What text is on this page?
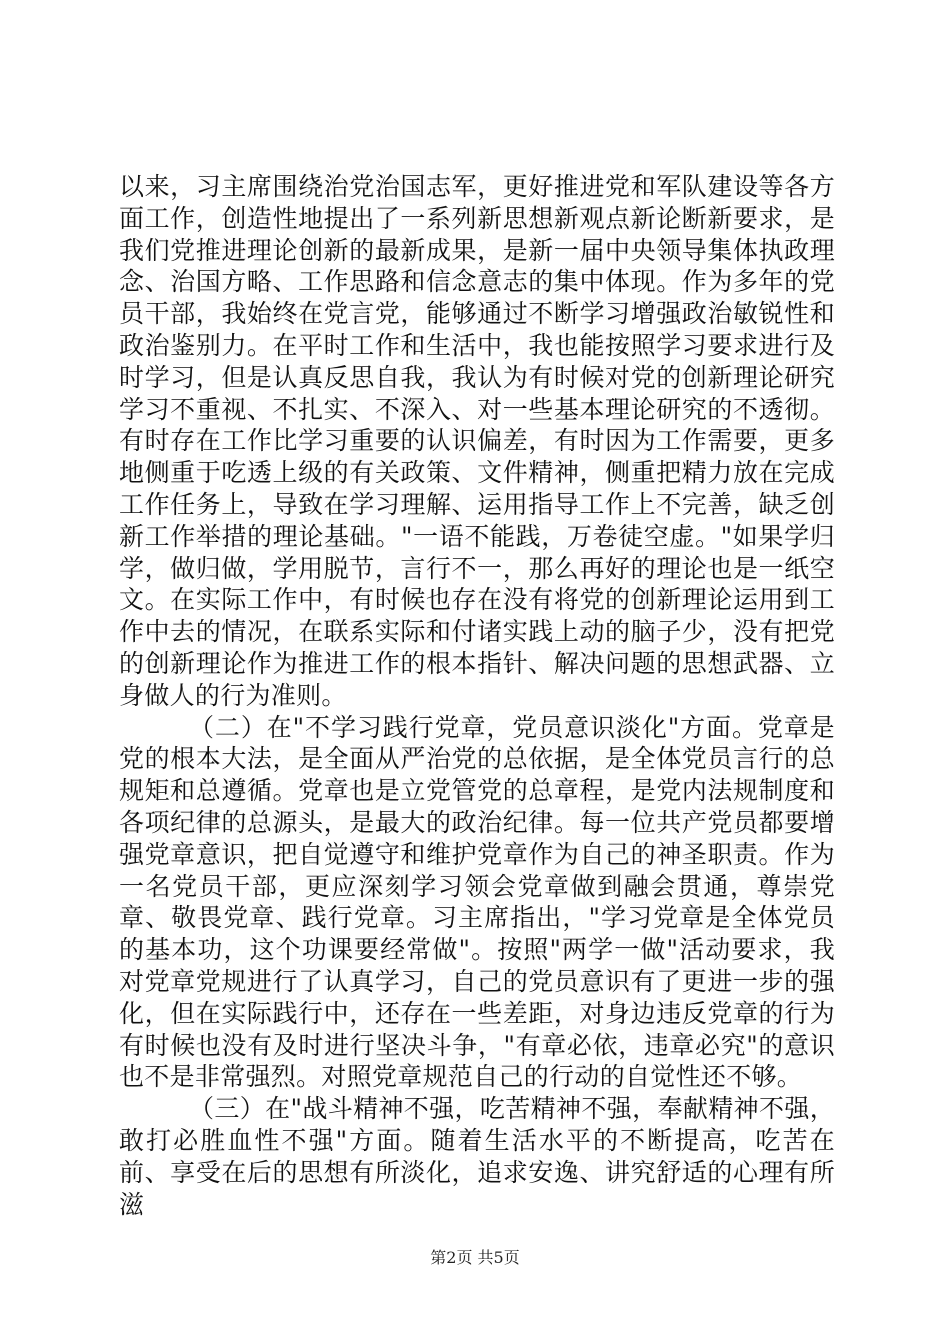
以来，习主席围绕治党治国志军，更好推进党和军队建设等各方面工作，创造性地提出了一系列新思想新观点新论断新要求，是我们党推进理论创新的最新成果，是新一届中央领导集体执政理念、治国方略、工作思路和信念意志的集中体现。作为多年的党员干部，我始终在党言党，能够通过不断学习增强政治敏锐性和政治鉴别力。在平时工作和生活中，我也能按照学习要求进行及时学习，但是认真反思自我，我认为有时候对党的创新理论研究学习不重视、不扎实、不深入、对一些基本理论研究的不透彻。有时存在工作比学习重要的认识偏差，有时因为工作需要，更多地侧重于吃透上级的有关政策、文件精神，侧重把精力放在完成工作任务上，导致在学习理解、运用指导工作上不完善，缺乏创新工作举措的理论基础。"一语不能践，万卷徒空虚。"如果学归学，做归做，学用脱节，言行不一，那么再好的理论也是一纸空文。在实际工作中，有时候也存在没有将党的创新理论运用到工作中去的情况，在联系实际和付诸实践上动的脑子少，没有把党的创新理论作为推进工作的根本指针、解决问题的思想武器、立身做人的行为准则。

（二）在"不学习践行党章，党员意识淡化"方面。党章是党的根本大法，是全面从严治党的总依据，是全体党员言行的总规矩和总遵循。党章也是立党管党的总章程，是党内法规制度和各项纪律的总源头，是最大的政治纪律。每一位共产党员都要增强党章意识，把自觉遵守和维护党章作为自己的神圣职责。作为一名党员干部，更应深刻学习领会党章做到融会贯通，尊崇党章、敬畏党章、践行党章。习主席指出，"学习党章是全体党员的基本功，这个功课要经常做"。按照"两学一做"活动要求，我对党章党规进行了认真学习，自己的党员意识有了更进一步的强化，但在实际践行中，还存在一些差距，对身边违反党章的行为有时候也没有及时进行坚决斗争，"有章必依，违章必究"的意识也不是非常强烈。对照党章规范自己的行动的自觉性还不够。

（三）在"战斗精神不强，吃苦精神不强，奉献精神不强，敢打必胜血性不强"方面。随着生活水平的不断提高，吃苦在前、享受在后的思想有所淡化，追求安逸、讲究舒适的心理有所滋

第2页 共5页
